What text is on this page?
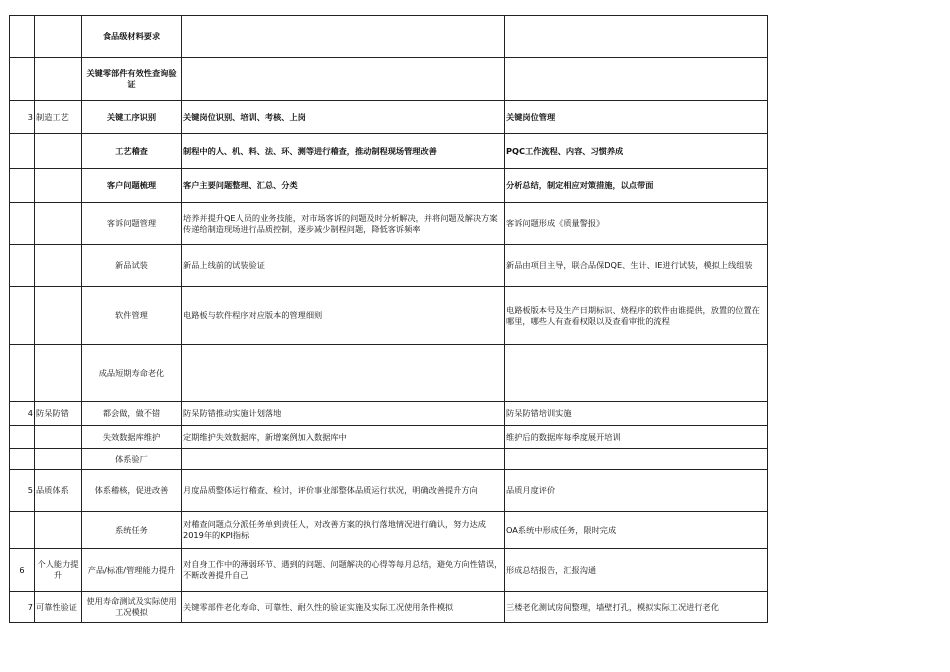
		食品级材料要求		
		关键零部件有效性查询验证		
3	制造工艺	关键工序识别	关键岗位识别、培训、考核、上岗	关键岗位管理
		工艺稽查	制程中的人、机、料、法、环、测等进行稽查，推动制程现场管理改善	PQC工作流程、内容、习惯养成
		客户问题梳理	客户主要问题整理、汇总、分类	分析总结，制定相应对策措施，以点带面
		客诉问题管理	培养并提升QE人员的业务技能，对市场客诉的问题及时分析解决，并将问题及解决方案传递给制造现场进行品质控制，逐步减少制程问题，降低客诉频率	客诉问题形成《质量警报》
		新品试装	新品上线前的试装验证	新品由项目主导，联合品保DQE、生计、IE进行试装，模拟上线组装
		软件管理	电路板与软件程序对应版本的管理细则	电路板版本号及生产日期标识、烧程序的软件由谁提供，放置的位置在哪里，哪些人有查看权限以及查看审批的流程
		成品短期寿命老化		
4	防呆防错	都会做，做不错	防呆防错推动实施计划落地	防呆防错培训实施
		失效数据库维护	定期维护失效数据库，新增案例加入数据库中	维护后的数据库每季度展开培训
		体系验厂		
5	品质体系	体系稽核，促进改善	月度品质整体运行稽查、检讨，评价事业部整体品质运行状况，明确改善提升方向	品质月度评价
		系统任务	对稽查问题点分派任务单到责任人，对改善方案的执行落地情况进行确认，努力达成2019年的KPI指标	OA系统中形成任务，限时完成
6	个人能力提升	产品/标准/管理能力提升	对自身工作中的薄弱环节、遇到的问题、问题解决的心得等每月总结，避免方向性错误，不断改善提升自己	形成总结报告，汇报沟通
7	可靠性验证	使用寿命测试及实际使用工况模拟	关键零部件老化寿命、可靠性、耐久性的验证实施及实际工况使用条件模拟	三楼老化测试房间整理，墙壁打孔，模拟实际工况进行老化
